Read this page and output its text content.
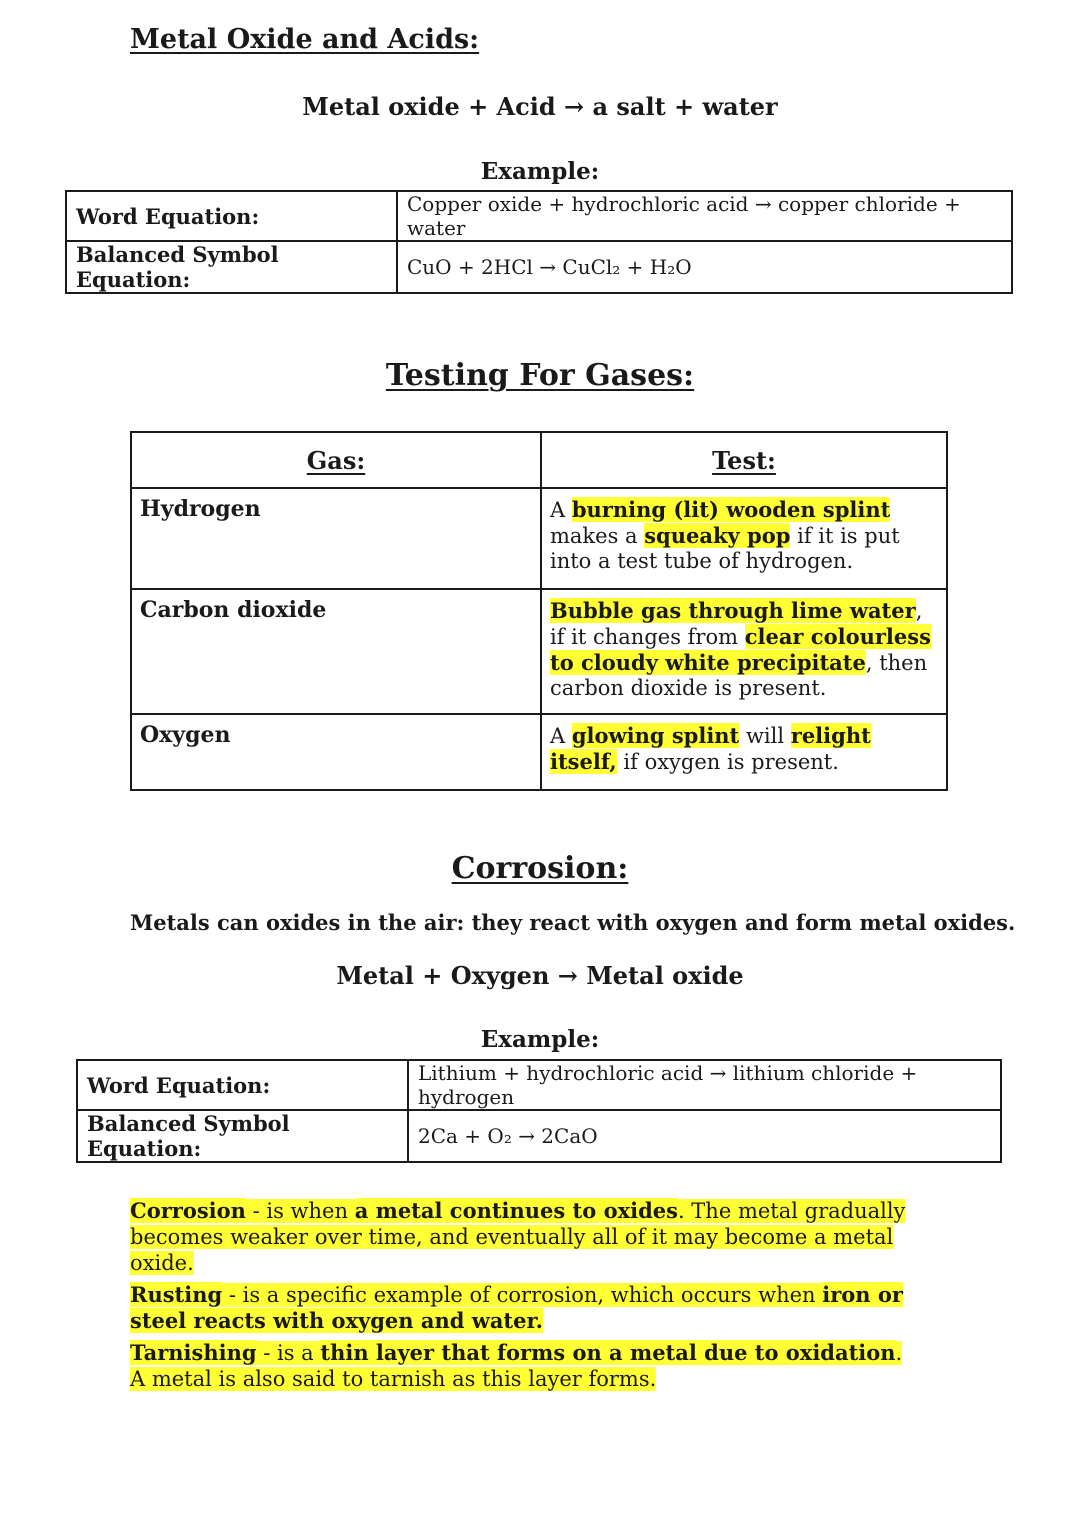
Metal Oxide and Acids:
Metal oxide + Acid → a salt + water
Example:
Word Equation:	Copper oxide + hydrochloric acid → copper chloride + water
Balanced Symbol Equation:	CuO + 2HCl → CuCl₂ + H₂O
Testing For Gases:
Gas:	Test:
Hydrogen	A burning (lit) wooden splint makes a squeaky pop if it is put into a test tube of hydrogen.
Carbon dioxide	Bubble gas through lime water, if it changes from clear colourless to cloudy white precipitate, then carbon dioxide is present.
Oxygen	A glowing splint will relight itself, if oxygen is present.
Corrosion:
Metals can oxides in the air: they react with oxygen and form metal oxides.
Metal + Oxygen → Metal oxide
Example:
Word Equation:	Lithium + hydrochloric acid → lithium chloride + hydrogen
Balanced Symbol Equation:	2Ca + O₂ → 2CaO
Corrosion - is when a metal continues to oxides. The metal gradually becomes weaker over time, and eventually all of it may become a metal oxide.
Rusting - is a specific example of corrosion, which occurs when iron or steel reacts with oxygen and water.
Tarnishing - is a thin layer that forms on a metal due to oxidation. A metal is also said to tarnish as this layer forms.
